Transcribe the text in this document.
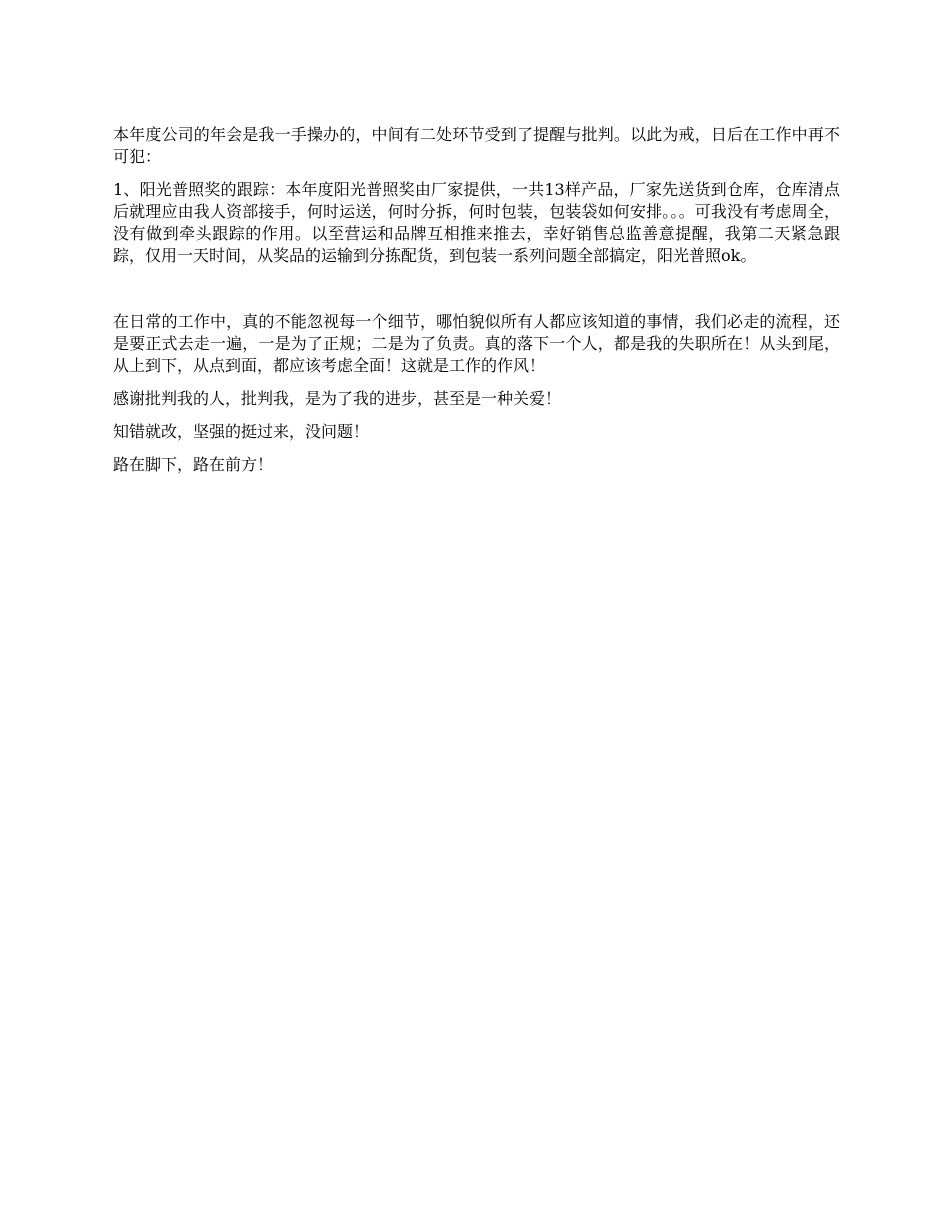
本年度公司的年会是我一手操办的，中间有二处环节受到了提醒与批判。以此为戒，日后在工作中再不可犯：

1、阳光普照奖的跟踪：本年度阳光普照奖由厂家提供，一共13样产品，厂家先送货到仓库，仓库清点后就理应由我人资部接手，何时运送，何时分拆，何时包装，包装袋如何安排。。。可我没有考虑周全，没有做到牵头跟踪的作用。以至营运和品牌互相推来推去，幸好销售总监善意提醒，我第二天紧急跟踪，仅用一天时间，从奖品的运输到分拣配货，到包装一系列问题全部搞定，阳光普照ok。

在日常的工作中，真的不能忽视每一个细节，哪怕貌似所有人都应该知道的事情，我们必走的流程，还是要正式去走一遍，一是为了正规；二是为了负责。真的落下一个人，都是我的失职所在！从头到尾，从上到下，从点到面，都应该考虑全面！这就是工作的作风！

感谢批判我的人，批判我，是为了我的进步，甚至是一种关爱！

知错就改，坚强的挺过来，没问题！

路在脚下，路在前方！
